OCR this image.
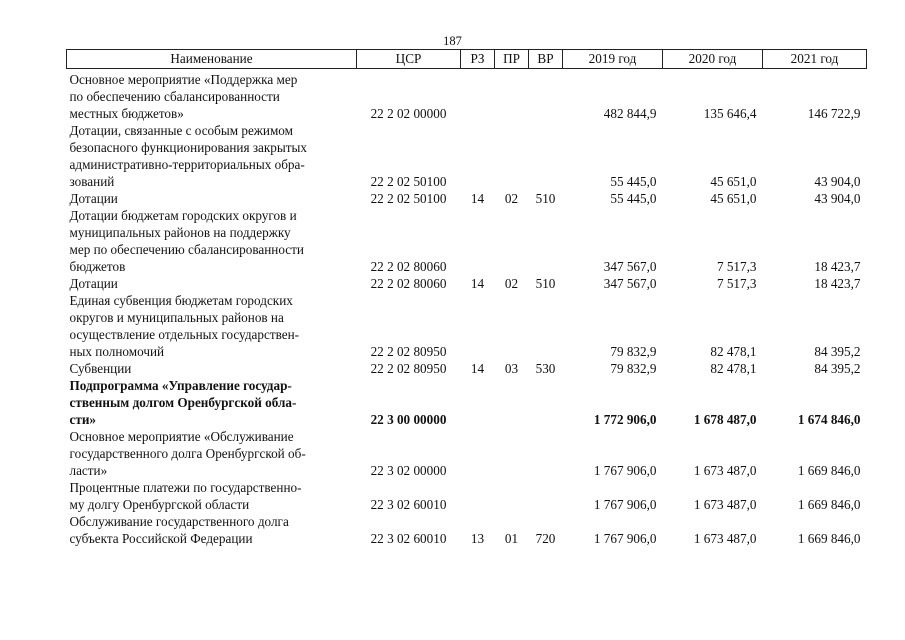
187
Наименование	ЦСР	РЗ	ПР	ВР	2019 год	2020 год	2021 год

Основное мероприятие «Поддержка мер
по обеспечению сбалансированности
местных бюджетов»	22 2 02 00000				482 844,9	135 646,4	146 722,9

Дотации, связанные с особым режимом
безопасного функционирования закрытых
административно-территориальных обра-
зований	22 2 02 50100				55 445,0	45 651,0	43 904,0

Дотации	22 2 02 50100	14	02	510	55 445,0	45 651,0	43 904,0

Дотации бюджетам городских округов и
муниципальных районов на поддержку
мер по обеспечению сбалансированности
бюджетов	22 2 02 80060				347 567,0	7 517,3	18 423,7

Дотации	22 2 02 80060	14	02	510	347 567,0	7 517,3	18 423,7

Единая субвенция бюджетам городских
округов и муниципальных районов на
осуществление отдельных государствен-
ных полномочий	22 2 02 80950				79 832,9	82 478,1	84 395,2

Субвенции	22 2 02 80950	14	03	530	79 832,9	82 478,1	84 395,2

Подпрограмма «Управление государ-
ственным долгом Оренбургской обла-
сти»	22 3 00 00000				1 772 906,0	1 678 487,0	1 674 846,0

Основное мероприятие «Обслуживание
государственного долга Оренбургской об-
ласти»	22 3 02 00000				1 767 906,0	1 673 487,0	1 669 846,0

Процентные платежи по государственно-
му долгу Оренбургской области	22 3 02 60010				1 767 906,0	1 673 487,0	1 669 846,0

Обслуживание государственного долга
субъекта Российской Федерации	22 3 02 60010	13	01	720	1 767 906,0	1 673 487,0	1 669 846,0
